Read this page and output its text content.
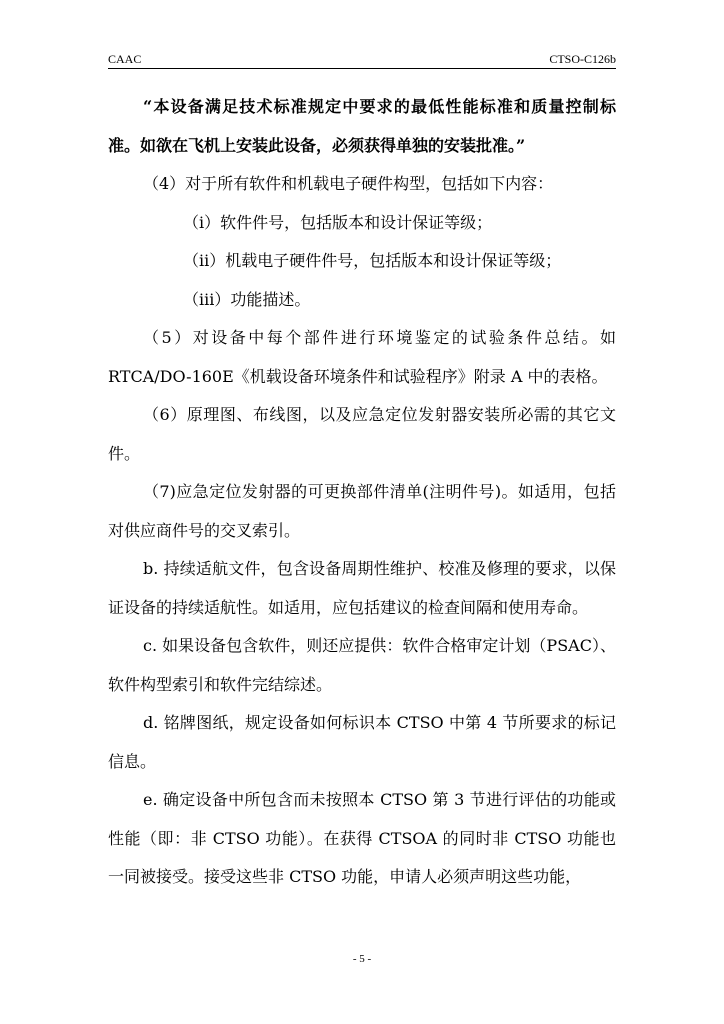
CAAC	CTSO-C126b

“本设备满足技术标准规定中要求的最低性能标准和质量控制标准。如欲在飞机上安装此设备，必须获得单独的安装批准。”

（4）对于所有软件和机载电子硬件构型，包括如下内容：

（i）软件件号，包括版本和设计保证等级；

（ii）机载电子硬件件号，包括版本和设计保证等级；

（iii）功能描述。

（5）对设备中每个部件进行环境鉴定的试验条件总结。如 RTCA/DO-160E《机载设备环境条件和试验程序》附录 A 中的表格。

（6）原理图、布线图，以及应急定位发射器安装所必需的其它文件。

（7)应急定位发射器的可更换部件清单(注明件号)。如适用，包括对供应商件号的交叉索引。

b. 持续适航文件，包含设备周期性维护、校准及修理的要求，以保证设备的持续适航性。如适用，应包括建议的检查间隔和使用寿命。

c. 如果设备包含软件，则还应提供：软件合格审定计划（PSAC）、软件构型索引和软件完结综述。

d. 铭牌图纸，规定设备如何标识本 CTSO 中第 4 节所要求的标记信息。

e. 确定设备中所包含而未按照本 CTSO 第 3 节进行评估的功能或性能（即：非 CTSO 功能）。在获得 CTSOA 的同时非 CTSO 功能也一同被接受。接受这些非 CTSO 功能，申请人必须声明这些功能，

- 5 -
